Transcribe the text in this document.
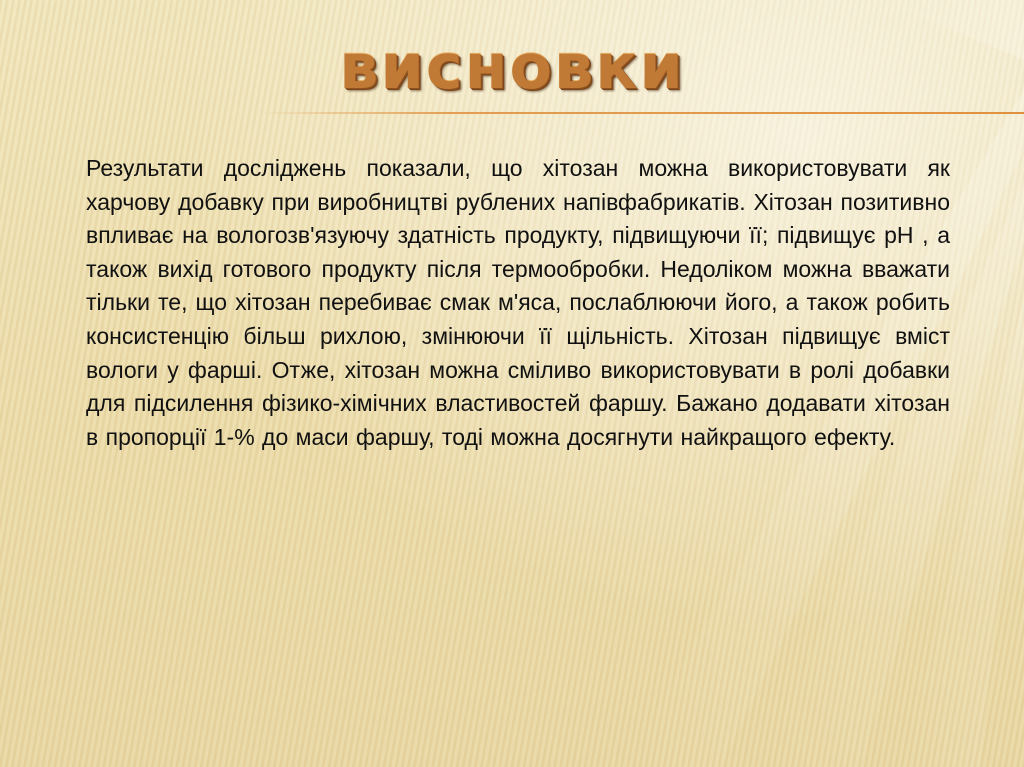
висновки

Результати досліджень показали, що хітозан можна використовувати як харчову добавку при виробництві рублених напівфабрикатів. Хітозан позитивно впливає на вологозв'язуючу здатність продукту, підвищуючи її; підвищує рН , а також вихід готового продукту після термообробки. Недоліком можна вважати тільки те, що хітозан перебиває смак м'яса, послаблюючи його, а також робить консистенцію більш рихлою, змінюючи її щільність. Хітозан підвищує вміст вологи у фарші. Отже, хітозан можна сміливо використовувати в ролі добавки для підсилення фізико-хімічних властивостей фаршу. Бажано додавати хітозан в пропорції 1-% до маси фаршу, тоді можна досягнути найкращого ефекту.
